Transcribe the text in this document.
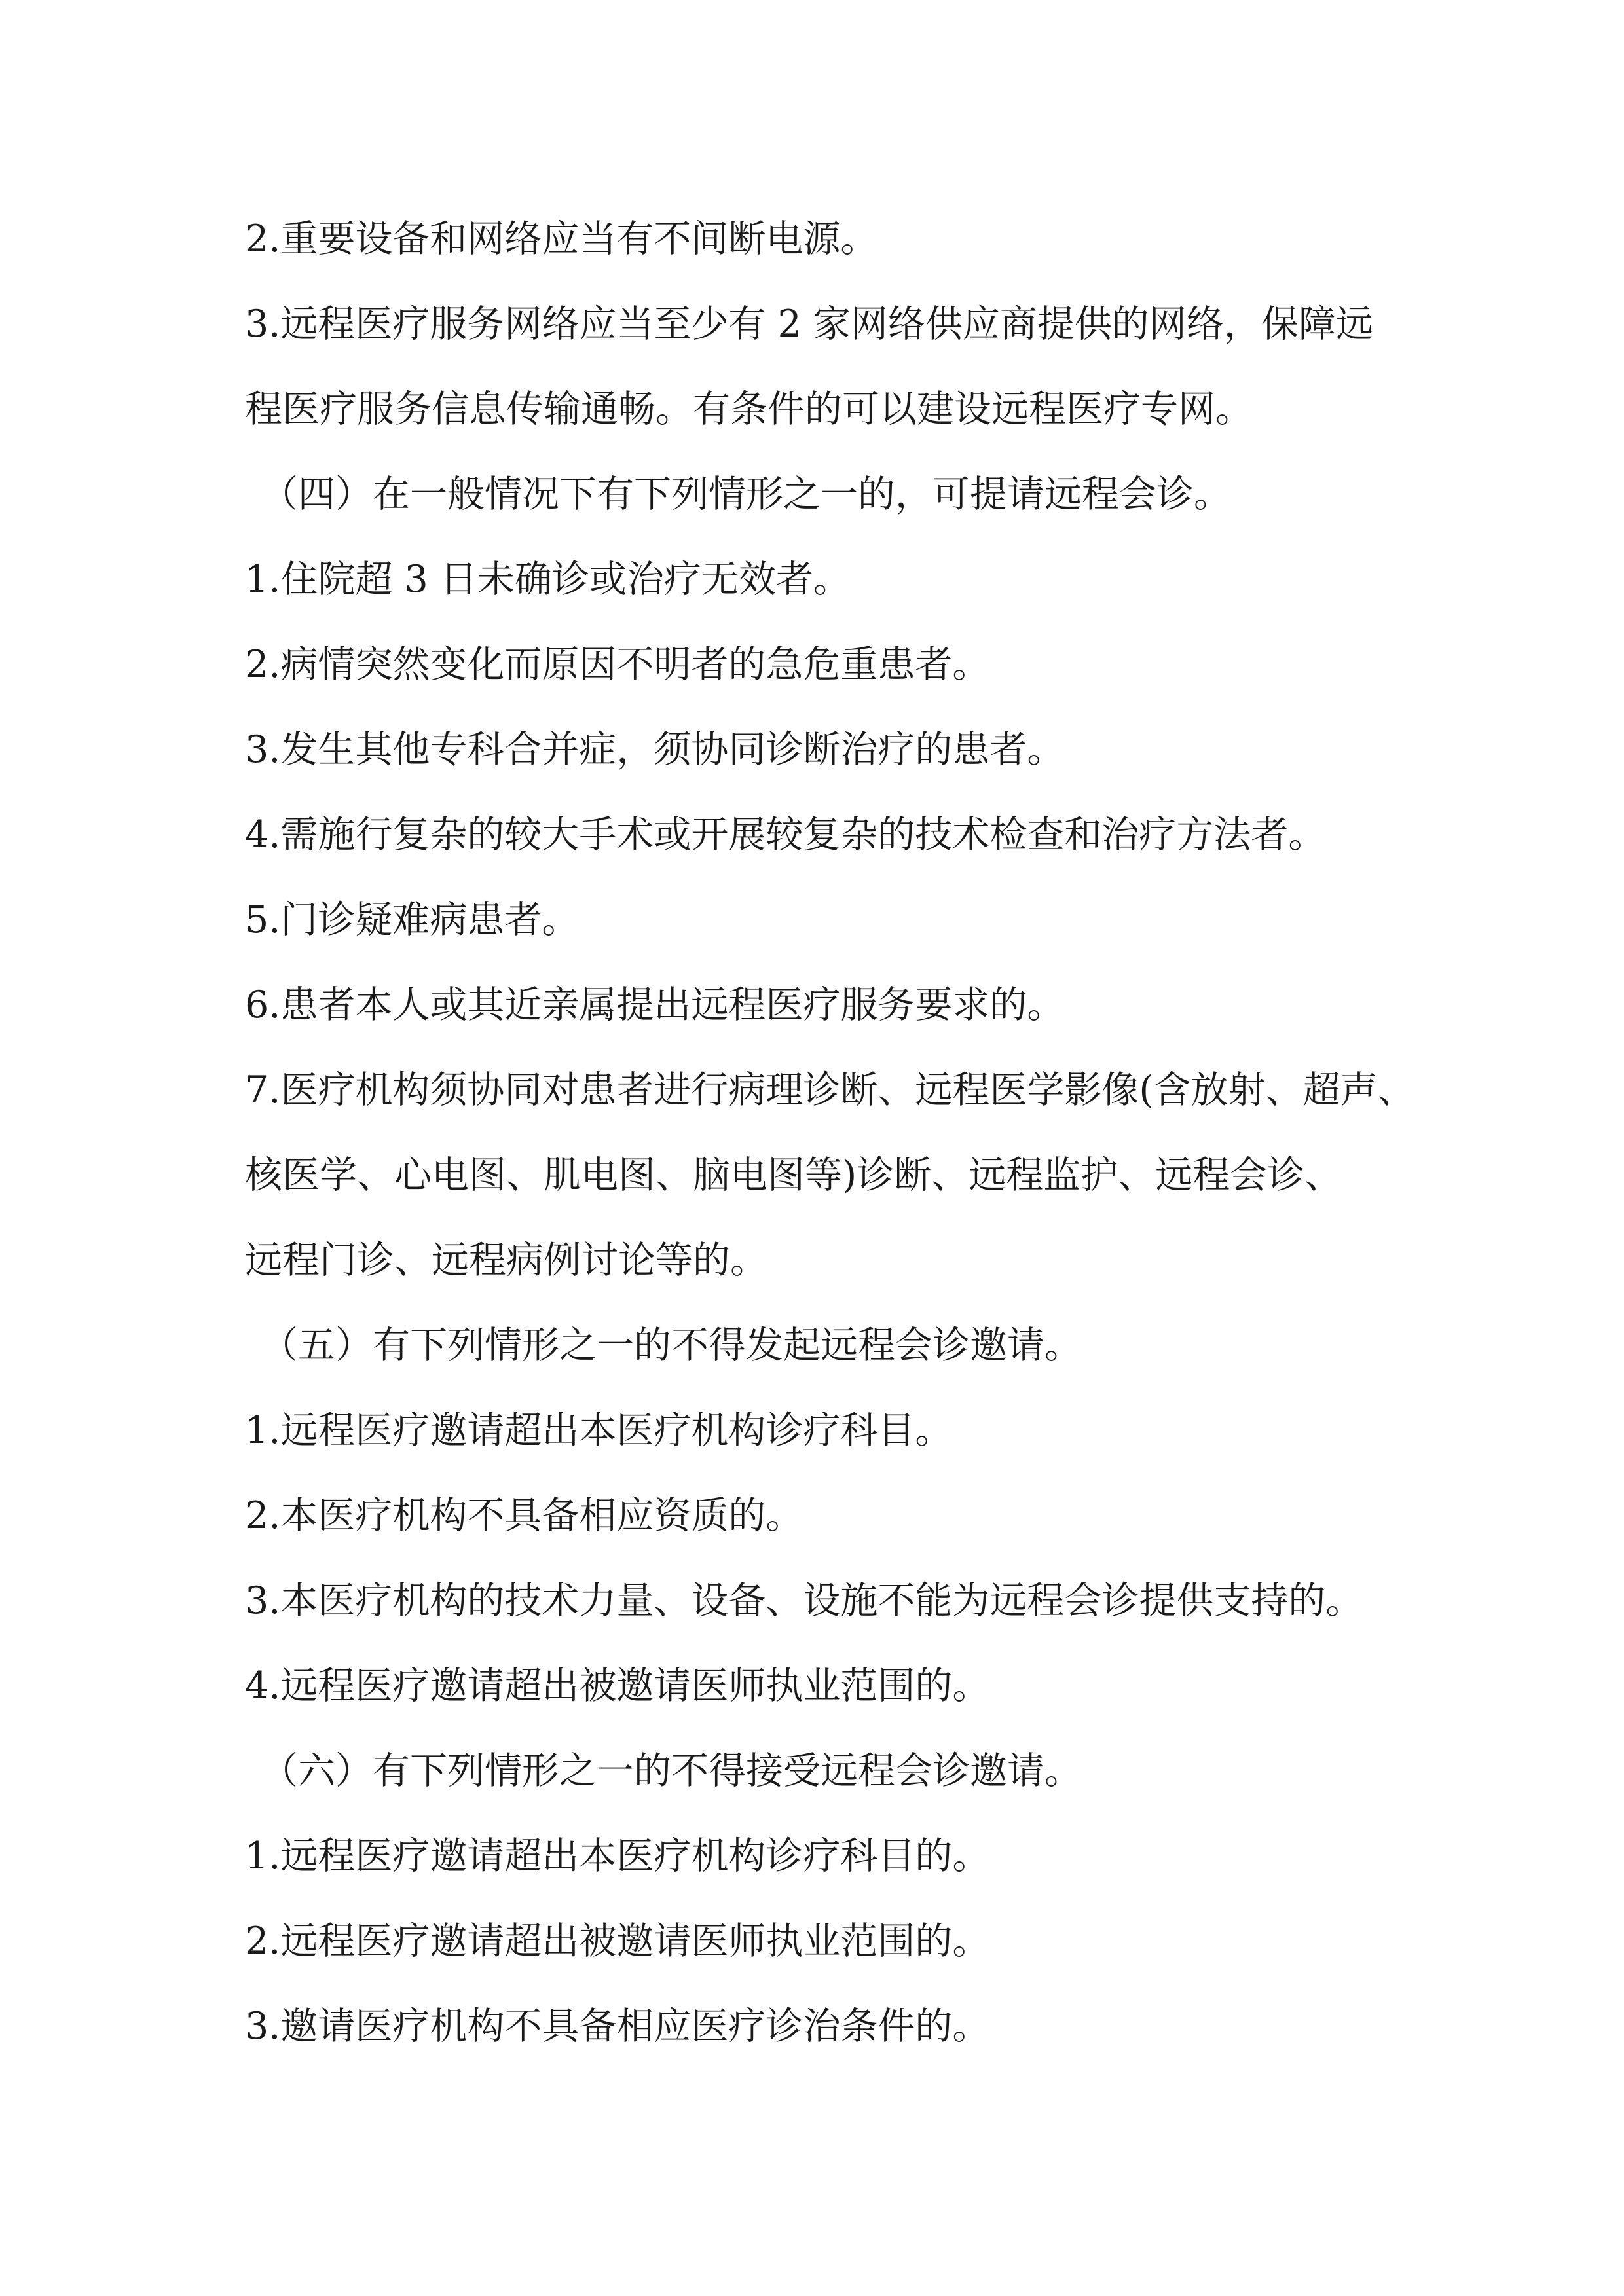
2.重要设备和网络应当有不间断电源。
3.远程医疗服务网络应当至少有 2 家网络供应商提供的网络，保障远
程医疗服务信息传输通畅。有条件的可以建设远程医疗专网。
（四）在一般情况下有下列情形之一的，可提请远程会诊。
1.住院超 3 日未确诊或治疗无效者。
2.病情突然变化而原因不明者的急危重患者。
3.发生其他专科合并症，须协同诊断治疗的患者。
4.需施行复杂的较大手术或开展较复杂的技术检查和治疗方法者。
5.门诊疑难病患者。
6.患者本人或其近亲属提出远程医疗服务要求的。
7.医疗机构须协同对患者进行病理诊断、远程医学影像(含放射、超声、
核医学、心电图、肌电图、脑电图等)诊断、远程监护、远程会诊、
远程门诊、远程病例讨论等的。
（五）有下列情形之一的不得发起远程会诊邀请。
1.远程医疗邀请超出本医疗机构诊疗科目。
2.本医疗机构不具备相应资质的。
3.本医疗机构的技术力量、设备、设施不能为远程会诊提供支持的。
4.远程医疗邀请超出被邀请医师执业范围的。
（六）有下列情形之一的不得接受远程会诊邀请。
1.远程医疗邀请超出本医疗机构诊疗科目的。
2.远程医疗邀请超出被邀请医师执业范围的。
3.邀请医疗机构不具备相应医疗诊治条件的。
